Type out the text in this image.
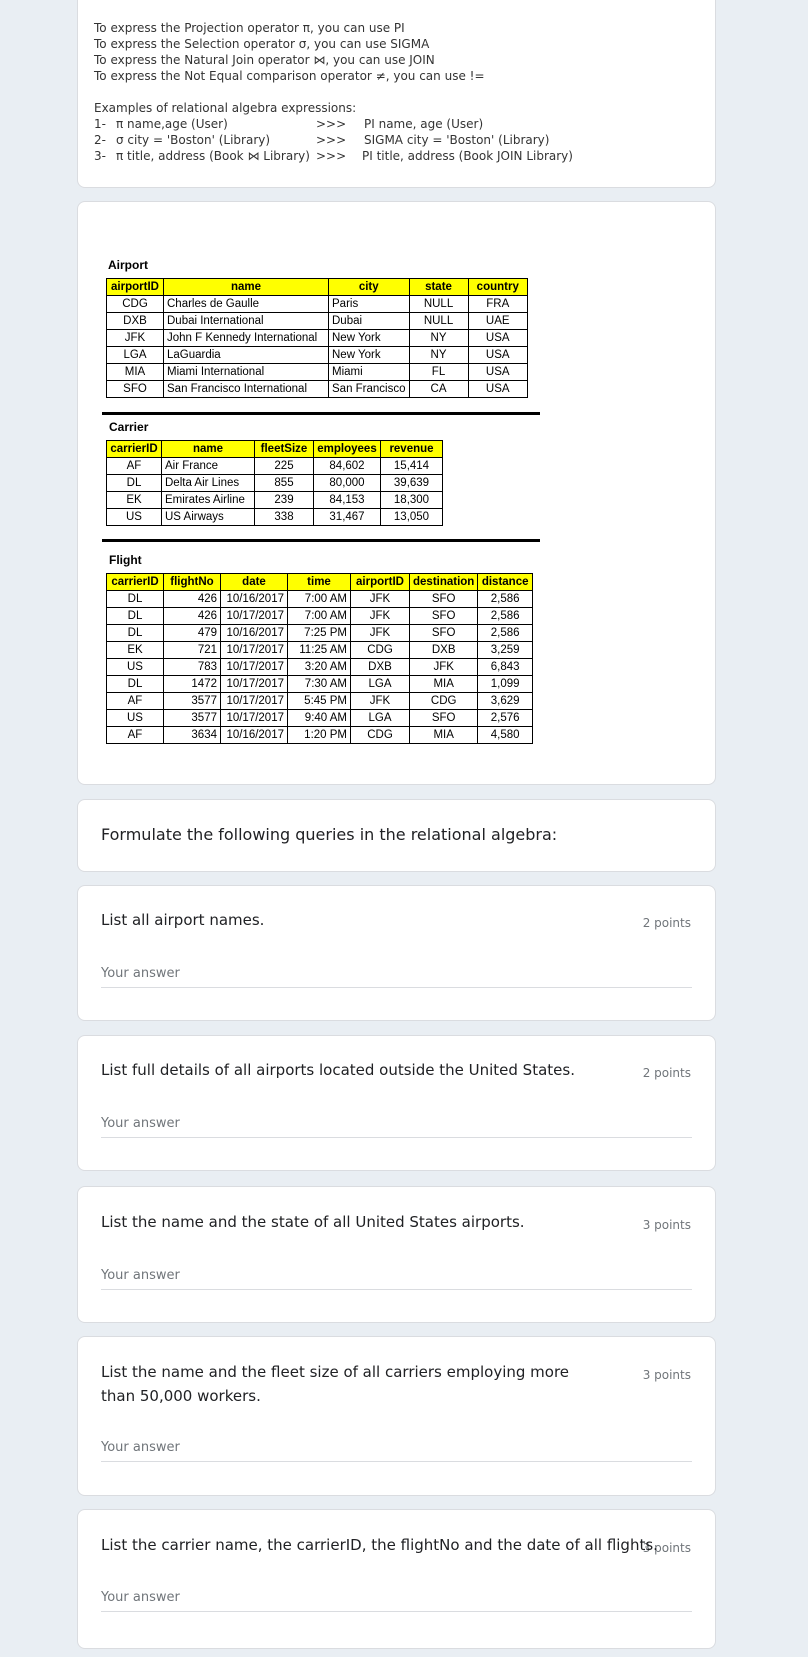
To express the Projection operator π, you can use PI
To express the Selection operator σ, you can use SIGMA
To express the Natural Join operator ⋈, you can use JOIN
To express the Not Equal comparison operator ≠, you can use !=
Examples of relational algebra expressions:
1- π name,age (User)	>>> PI name, age (User)
2- σ city = 'Boston' (Library)	>>> SIGMA city = 'Boston' (Library)
3- π title, address (Book ⋈ Library) >>> PI title, address (Book JOIN Library)
Airport
airportID	name	city	state	country
CDG	Charles de Gaulle	Paris	NULL	FRA
DXB	Dubai International	Dubai	NULL	UAE
JFK	John F Kennedy International	New York	NY	USA
LGA	LaGuardia	New York	NY	USA
MIA	Miami International	Miami	FL	USA
SFO	San Francisco International	San Francisco	CA	USA
Carrier
carrierID	name	fleetSize	employees	revenue
AF	Air France	225	84,602	15,414
DL	Delta Air Lines	855	80,000	39,639
EK	Emirates Airline	239	84,153	18,300
US	US Airways	338	31,467	13,050
Flight
carrierID	flightNo	date	time	airportID	destination	distance
DL	426	10/16/2017	7:00 AM	JFK	SFO	2,586
DL	426	10/17/2017	7:00 AM	JFK	SFO	2,586
DL	479	10/16/2017	7:25 PM	JFK	SFO	2,586
EK	721	10/17/2017	11:25 AM	CDG	DXB	3,259
US	783	10/17/2017	3:20 AM	DXB	JFK	6,843
DL	1472	10/17/2017	7:30 AM	LGA	MIA	1,099
AF	3577	10/17/2017	5:45 PM	JFK	CDG	3,629
US	3577	10/17/2017	9:40 AM	LGA	SFO	2,576
AF	3634	10/16/2017	1:20 PM	CDG	MIA	4,580
Formulate the following queries in the relational algebra:
2 points
List all airport names.
Your answer
2 points
List full details of all airports located outside the United States.
Your answer
3 points
List the name and the state of all United States airports.
Your answer
3 points
List the name and the fleet size of all carriers employing more than 50,000 workers.
Your answer
3 points
List the carrier name, the carrierID, the flightNo and the date of all flights.
Your answer
